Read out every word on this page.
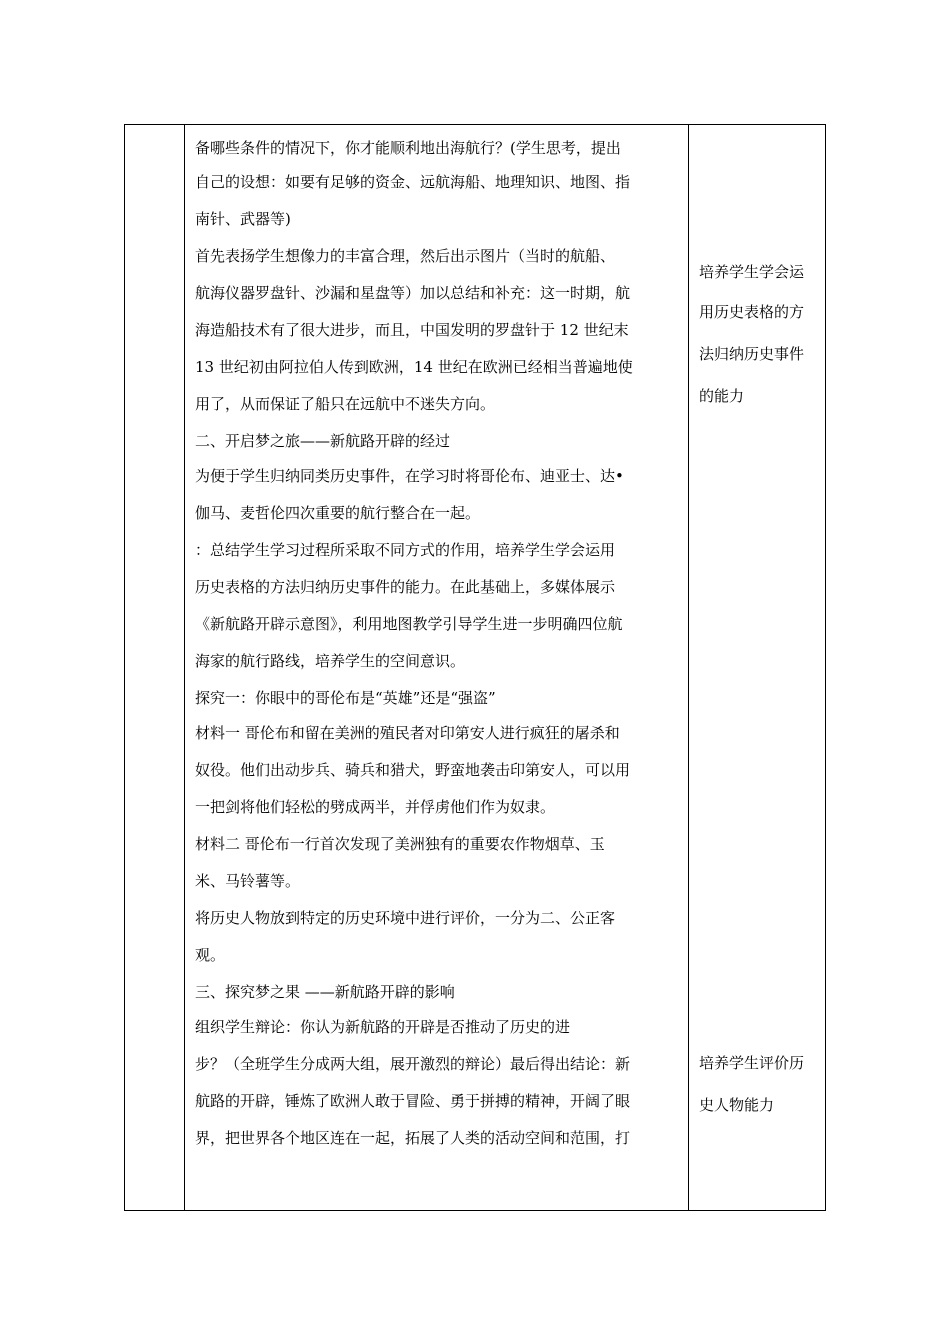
备哪些条件的情况下，你才能顺利地出海航行？(学生思考，提出
自己的设想：如要有足够的资金、远航海船、地理知识、地图、指
南针、武器等)
首先表扬学生想像力的丰富合理，然后出示图片（当时的航船、
航海仪器罗盘针、沙漏和星盘等）加以总结和补充：这一时期，航
海造船技术有了很大进步，而且，中国发明的罗盘针于 12 世纪末
13 世纪初由阿拉伯人传到欧洲，14 世纪在欧洲已经相当普遍地使
用了，从而保证了船只在远航中不迷失方向。
二、开启梦之旅——新航路开辟的经过
为便于学生归纳同类历史事件，在学习时将哥伦布、迪亚士、达•
伽马、麦哲伦四次重要的航行整合在一起。
：总结学生学习过程所采取不同方式的作用，培养学生学会运用
历史表格的方法归纳历史事件的能力。在此基础上，多媒体展示
《新航路开辟示意图》，利用地图教学引导学生进一步明确四位航
海家的航行路线，培养学生的空间意识。
探究一：你眼中的哥伦布是“英雄”还是“强盗”
材料一 哥伦布和留在美洲的殖民者对印第安人进行疯狂的屠杀和
奴役。他们出动步兵、骑兵和猎犬，野蛮地袭击印第安人，可以用
一把剑将他们轻松的劈成两半，并俘虏他们作为奴隶。
材料二 哥伦布一行首次发现了美洲独有的重要农作物烟草、玉
米、马铃薯等。
将历史人物放到特定的历史环境中进行评价，一分为二、公正客
观。
三、探究梦之果 ——新航路开辟的影响
组织学生辩论：你认为新航路的开辟是否推动了历史的进
步？（全班学生分成两大组，展开激烈的辩论）最后得出结论：新
航路的开辟，锤炼了欧洲人敢于冒险、勇于拼搏的精神，开阔了眼
界，把世界各个地区连在一起，拓展了人类的活动空间和范围，打
培养学生学会运
用历史表格的方
法归纳历史事件
的能力
培养学生评价历
史人物能力
